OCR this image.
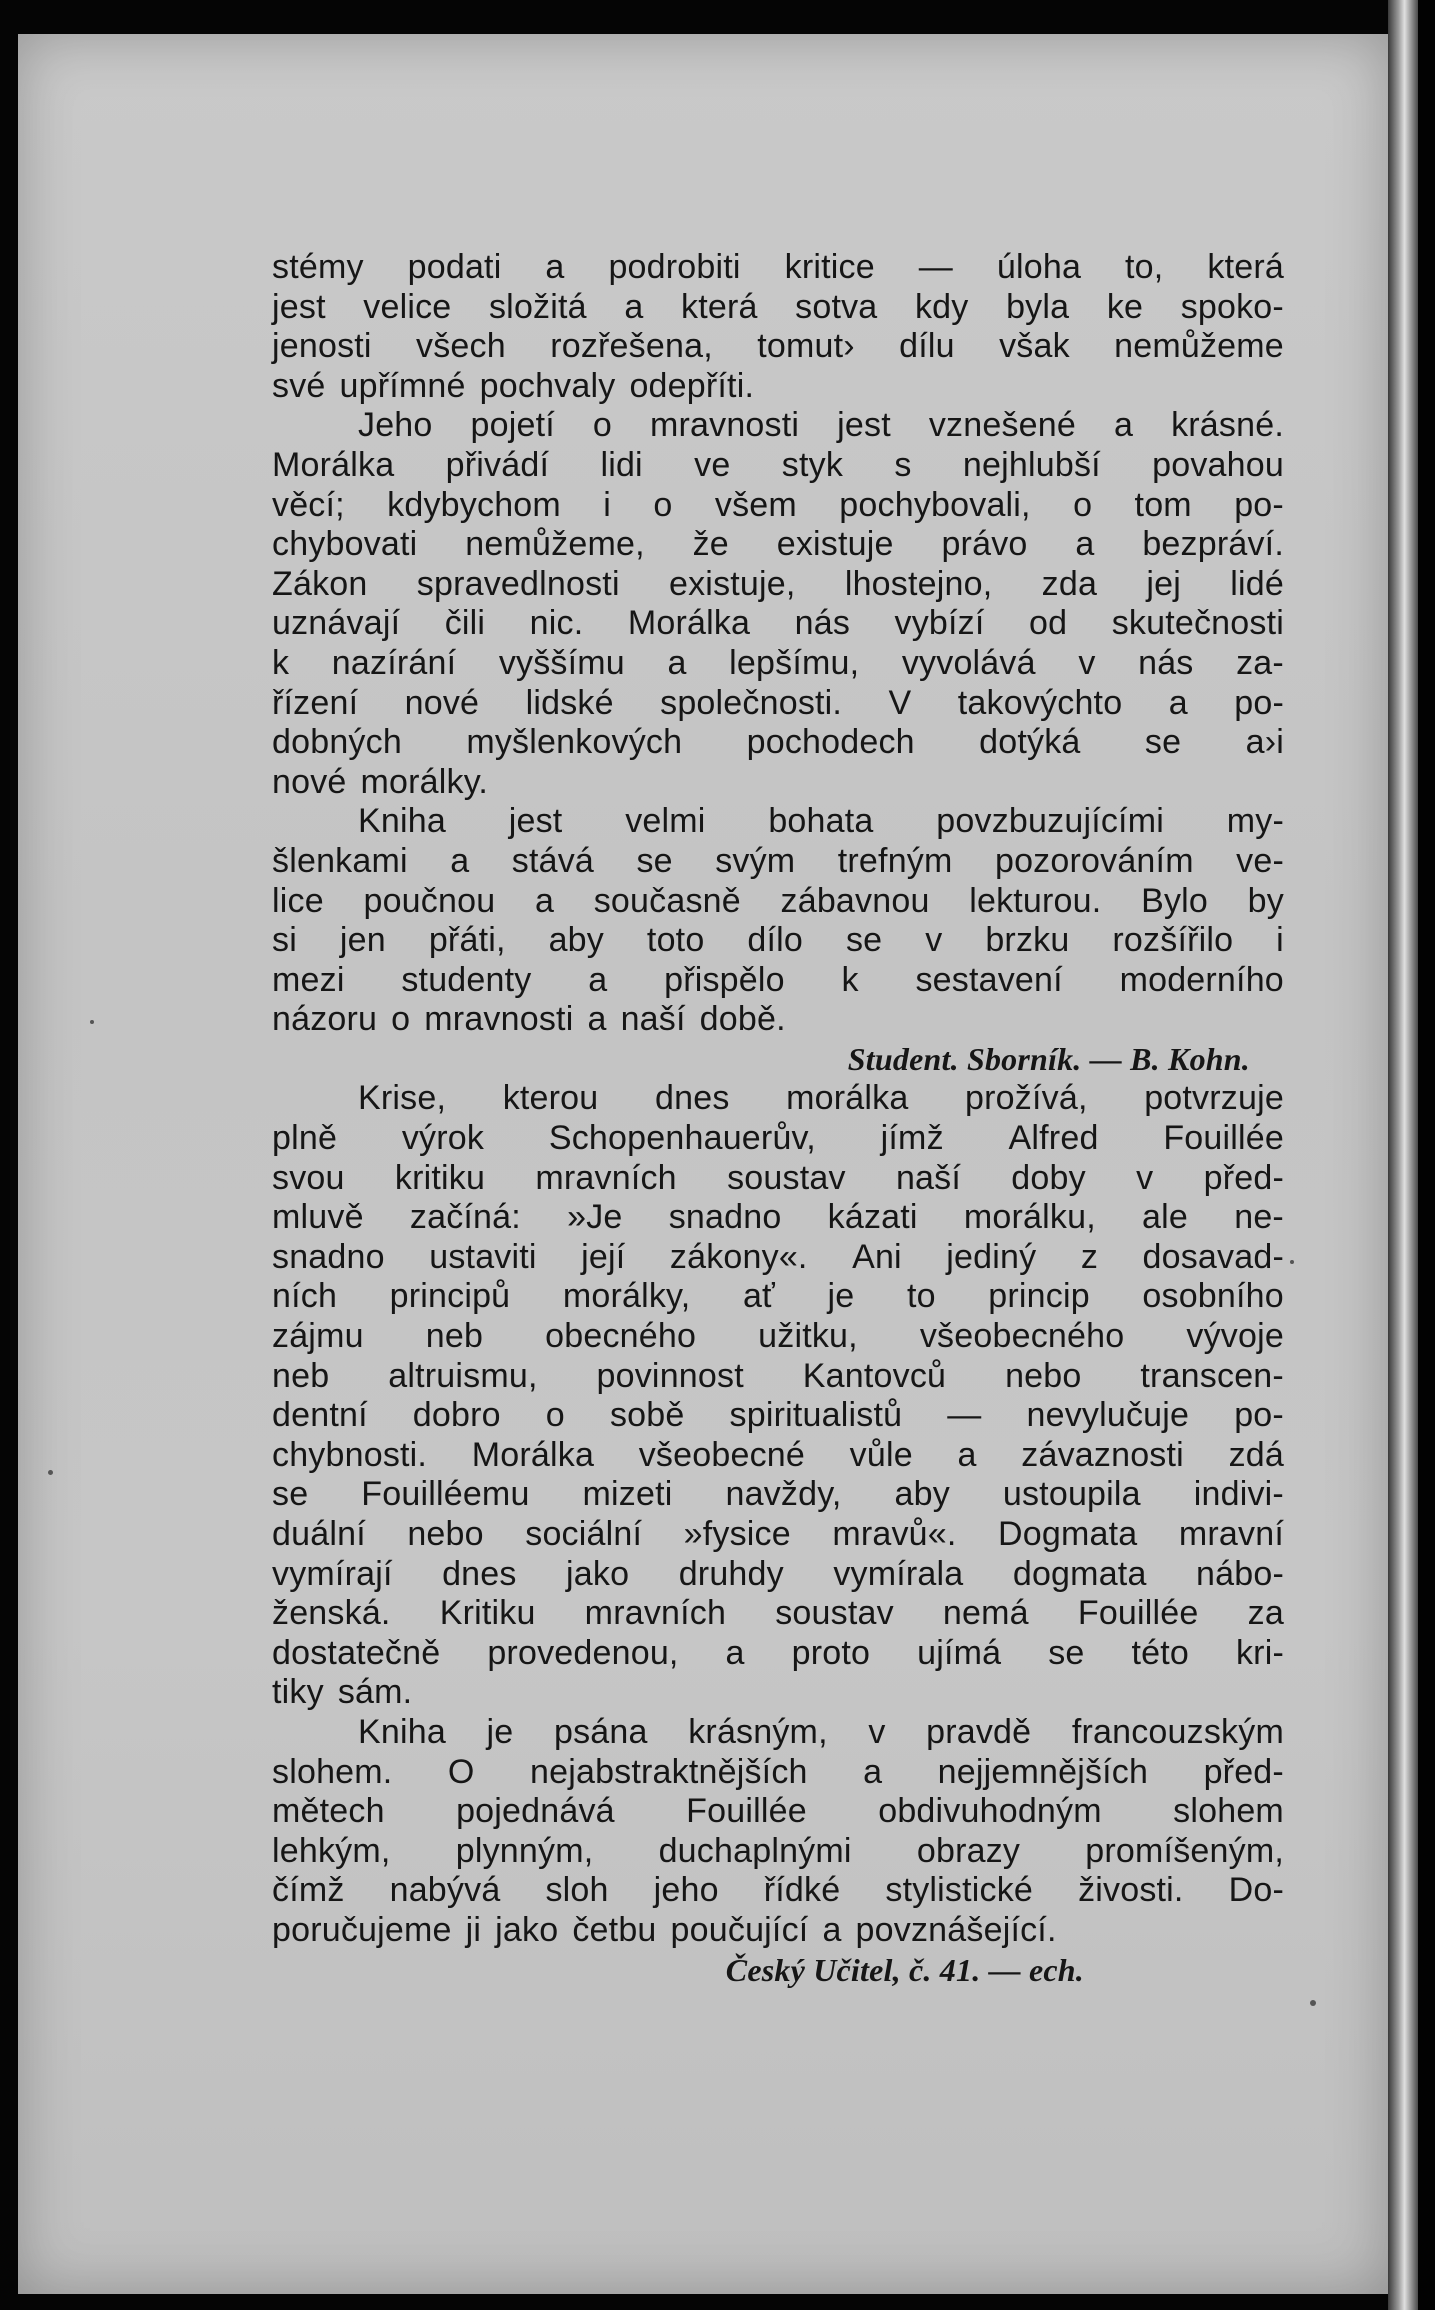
stémy podati a podrobiti kritice — úloha to, která
jest velice složitá a která sotva kdy byla ke spoko-
jenosti všech rozřešena, tomut› dílu však nemůžeme
své upřímné pochvaly odepříti.
Jeho pojetí o mravnosti jest vznešené a krásné.
Morálka přivádí lidi ve styk s nejhlubší povahou
věcí; kdybychom i o všem pochybovali, o tom po-
chybovati nemůžeme, že existuje právo a bezpráví.
Zákon spravedlnosti existuje, lhostejno, zda jej lidé
uznávají čili nic. Morálka nás vybízí od skutečnosti
k nazírání vyššímu a lepšímu, vyvolává v nás za-
řízení nové lidské společnosti. V takovýchto a po-
dobných myšlenkových pochodech dotýká se a›i
nové morálky.
Kniha jest velmi bohata povzbuzujícími my-
šlenkami a stává se svým trefným pozorováním ve-
lice poučnou a současně zábavnou lekturou. Bylo by
si jen přáti, aby toto dílo se v brzku rozšířilo i
mezi studenty a přispělo k sestavení moderního
názoru o mravnosti a naší době.
Student. Sborník. — B. Kohn.
Krise, kterou dnes morálka prožívá, potvrzuje
plně výrok Schopenhauerův, jímž Alfred Fouillée
svou kritiku mravních soustav naší doby v před-
mluvě začíná: »Je snadno kázati morálku, ale ne-
snadno ustaviti její zákony«. Ani jediný z dosavad-
ních principů morálky, ať je to princip osobního
zájmu neb obecného užitku, všeobecného vývoje
neb altruismu, povinnost Kantovců nebo transcen-
dentní dobro o sobě spiritualistů — nevylučuje po-
chybnosti. Morálka všeobecné vůle a závaznosti zdá
se Fouilléemu mizeti navždy, aby ustoupila indivi-
duální nebo sociální »fysice mravů«. Dogmata mravní
vymírají dnes jako druhdy vymírala dogmata nábo-
ženská. Kritiku mravních soustav nemá Fouillée za
dostatečně provedenou, a proto ujímá se této kri-
tiky sám.
Kniha je psána krásným, v pravdě francouzským
slohem. O nejabstraktnějších a nejjemnějších před-
mětech pojednává Fouillée obdivuhodným slohem
lehkým, plynným, duchaplnými obrazy promíšeným,
čímž nabývá sloh jeho řídké stylistické živosti. Do-
poručujeme ji jako četbu poučující a povznášející.
Český Učitel, č. 41. — ech.
